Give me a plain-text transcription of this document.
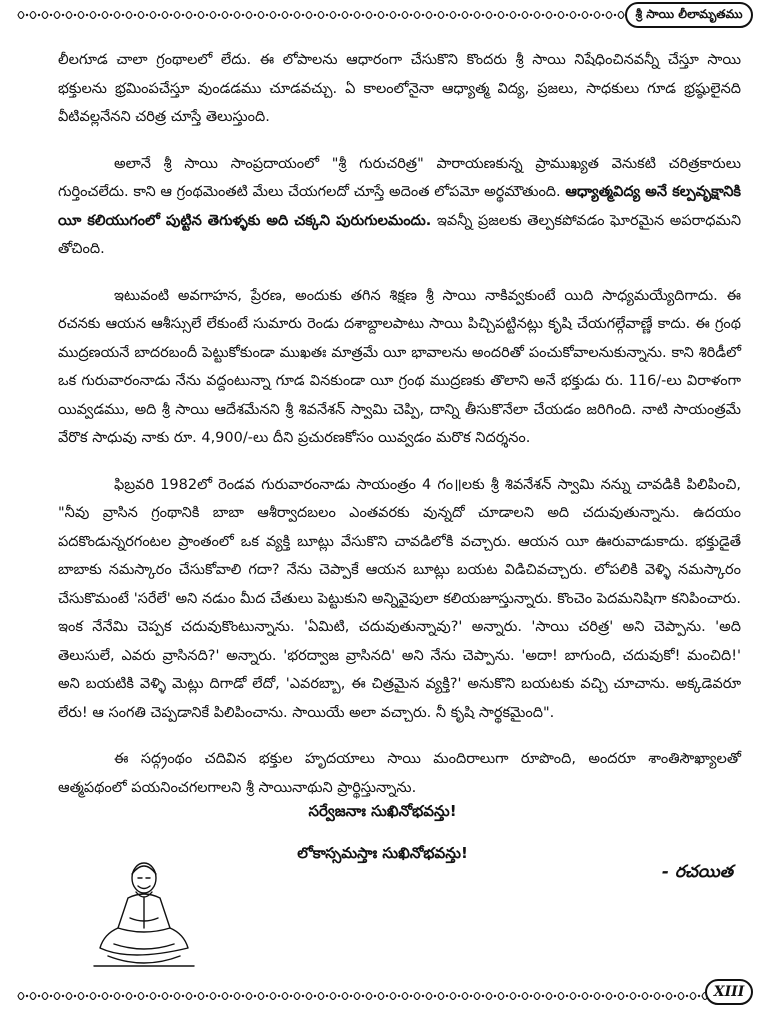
శ్రీ సాయి లీలామృతము

లీలగూడ చాలా గ్రంథాలలో లేదు. ఈ లోపాలను ఆధారంగా చేసుకొని కొందరు శ్రీ సాయి నిషేధించినవన్నీ చేస్తూ సాయి భక్తులను భ్రమింపచేస్తూ వుండడము చూడవచ్చు. ఏ కాలంలోనైనా ఆధ్యాత్మ విద్య, ప్రజలు, సాధకులు గూడ భ్రష్ఠులైనది వీటివల్లనేనని చరిత్ర చూస్తే తెలుస్తుంది.

అలానే శ్రీ సాయి సాంప్రదాయంలో "శ్రీ గురుచరిత్ర" పారాయణకున్న ప్రాముఖ్యత వెనుకటి చరిత్రకారులు గుర్తించలేదు. కాని ఆ గ్రంథమెంతటి మేలు చేయగలదో చూస్తే అదెంత లోపమో అర్థమౌతుంది. ఆధ్యాత్మవిద్య అనే కల్పవృక్షానికి యీ కలియుగంలో పుట్టిన తెగుళ్ళకు అది చక్కని పురుగులమందు. ఇవన్నీ ప్రజలకు తెల్పకపోవడం ఘోరమైన అపరాధమని తోచింది.

ఇటువంటి అవగాహన, ప్రేరణ, అందుకు తగిన శిక్షణ శ్రీ సాయి నాకివ్వకుంటే యిది సాధ్యమయ్యేదిగాదు. ఈ రచనకు ఆయన ఆశీస్సులే లేకుంటే సుమారు రెండు దశాబ్దాలపాటు సాయి పిచ్చిపట్టినట్లు కృషి చేయగల్గేవాణ్ణే కాదు. ఈ గ్రంథ ముద్రణయనే బాదరబందీ పెట్టుకోకుండా ముఖతః మాత్రమే యీ భావాలను అందరితో పంచుకోవాలనుకున్నాను. కాని శిరిడీలో ఒక గురువారంనాడు నేను వద్దంటున్నా గూడ వినకుండా యీ గ్రంథ ముద్రణకు తొలాని అనే భక్తుడు రు. 116/-లు విరాళంగా యివ్వడము, అది శ్రీ సాయి ఆదేశమేనని శ్రీ శివనేశన్ స్వామి చెప్పి, దాన్ని తీసుకొనేలా చేయడం జరిగింది. నాటి సాయంత్రమే వేరొక సాధువు నాకు రూ. 4,900/-లు దీని ప్రచురణకోసం యివ్వడం మరొక నిదర్శనం.

ఫిబ్రవరి 1982లో రెండవ గురువారంనాడు సాయంత్రం 4 గం॥లకు శ్రీ శివనేశన్ స్వామి నన్ను చావడికి పిలిపించి, "నీవు వ్రాసిన గ్రంథానికి బాబా ఆశీర్వాదబలం ఎంతవరకు వున్నదో చూడాలని అది చదువుతున్నాను. ఉదయం పదకొండున్నరగంటల ప్రాంతంలో ఒక వ్యక్తి బూట్లు వేసుకొని చావడిలోకి వచ్చారు. ఆయన యీ ఊరువాడుకాదు. భక్తుడైతే బాబాకు నమస్కారం చేసుకోవాలి గదా? నేను చెప్పాకే ఆయన బూట్లు బయట విడిచివచ్చారు. లోపలికి వెళ్ళి నమస్కారం చేసుకొమంటే 'సరేలే' అని నడుం మీద చేతులు పెట్టుకుని అన్నివైపులా కలియజూస్తున్నారు. కొంచెం పెదమనిషిగా కనిపించారు. ఇంక నేనేమి చెప్పక చదువుకొంటున్నాను. 'ఏమిటి, చదువుతున్నావు?' అన్నారు. 'సాయి చరిత్ర' అని చెప్పాను. 'అది తెలుసులే, ఎవరు వ్రాసినది?' అన్నారు. 'భరద్వాజ వ్రాసినది' అని నేను చెప్పాను. 'అదా! బాగుంది, చదువుకో! మంచిది!' అని బయటికి వెళ్ళి మెట్లు దిగాడో లేదో, 'ఎవరబ్బా, ఈ చిత్రమైన వ్యక్తి?' అనుకొని బయటకు వచ్చి చూచాను. అక్కడెవరూ లేరు! ఆ సంగతి చెప్పడానికే పిలిపించాను. సాయియే అలా వచ్చారు. నీ కృషి సార్థకమైంది".

ఈ సద్గ్రంథం చదివిన భక్తుల హృదయాలు సాయి మందిరాలుగా రూపొంది, అందరూ శాంతిసౌఖ్యాలతో ఆత్మపథంలో పయనించగలగాలని శ్రీ సాయినాథుని ప్రార్థిస్తున్నాను.

సర్వేజనాః సుఖినోభవన్తు!
లోకాస్సమస్తాః సుఖినోభవన్తు!
- రచయిత
XIII
